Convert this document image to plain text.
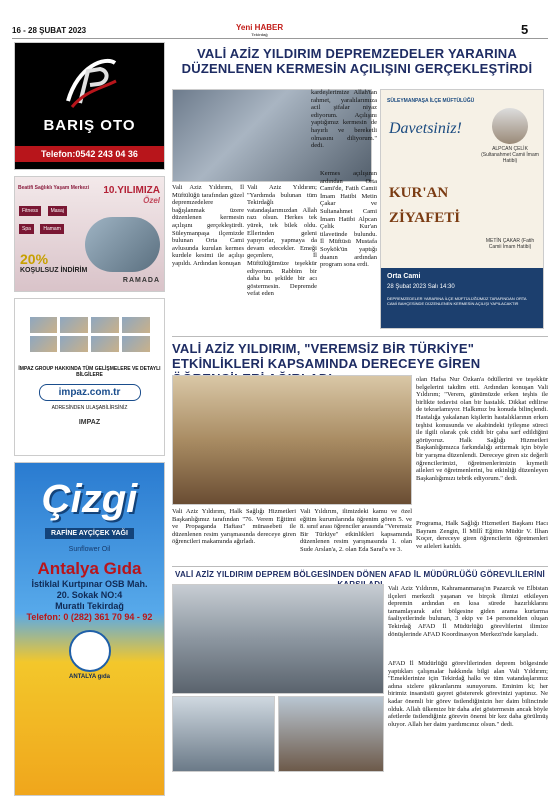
16 - 28 ŞUBAT 2023	Yeni HABER
Tekirdağ	5
BARIŞ OTO
Telefon:0542 243 04 36
Beatifi Sağlıklı Yaşam Merkezi
Fitness Masaj Spa Hamam
10.YILIMIZA
Özel
20%
KOŞULSUZ İNDİRİM
RAMADA
İMPAZ GROUP HAKKINDA TÜM GELİŞMELERE VE DETAYLI BİLGİLERE
impaz.com.tr
ADRESİNDEN ULAŞABİLİRSİNİZ
IMPAZ
Çizgi
RAFİNE AYÇİÇEK YAĞI
Sunflower Oil
Antalya Gıda
İstiklal Kurtpınar OSB Mah.
20. Sokak NO:4
Muratlı Tekirdağ
Telefon: 0 (282) 361 70 94 - 92
ANTALYA gıda
VALİ AZİZ YILDIRIM DEPREMZEDELER YARARINA DÜZENLENEN KERMESİN AÇILIŞINI GERÇEKLEŞTİRDİ
kardeşlerimize Allah'tan rahmet, yaralılarımıza acil şifalar niyaz ediyorum. Açılışını yaptığımız kermesin de hayırlı ve bereketli olmasını diliyorum." dedi.
Vali Aziz Yıldırım, İl Müftülüğü tarafından güzel depremzedelere bağışlanmak üzere düzenlenen kermesin açılışını gerçekleştirdi. Süleymanpaşa ilçemizde bulunan Orta Cami avlusunda kurulan kermes kurdele kesimi ile açılışı yapıldı. Ardından konuşan
Vali Aziz Yıldırım; "Yardımda bulunan tüm Tekirdağlı vatandaşlarımızdan Allah razı olsun. Herkes tek yürek, tek bilek oldu. Ellerinden geleni yapıyorlar, yapmaya da devam edecekler. Emeği geçenlere, İl Müftülüğümüze teşekkür ediyorum. Rabbim bir daha bu şekilde bir acı göstermesin. Depremde vefat eden
Kermes açılışının ardından Orta Cami'de, Fatih Camii İmam Hatibi Metin Çakar ve Sultanahmet Cami İmam Hatibi Alpcan Çelik Kur'an tilavetinde bulundu. İl Müftüsü Mustafa Soykök'ün yaptığı duanın ardından program sona erdi.
SÜLEYMANPAŞA İLÇE MÜFTÜLÜĞÜ
Davetsiniz!
KUR'AN
ZİYAFETİ
ALPCAN ÇELİK (Sultanahmet Camii İmam Hatibi)
METİN ÇAKAR (Fatih Camii İmam Hatibi)
Orta Cami
28 Şubat 2023 Salı 14:30
DEPREMZEDELER YARARINA İLÇE MÜFTÜLÜĞÜMÜZ TARAFINDAN ORTA CAMİ BAHÇESİNDE DÜZENLENEN KERMESİN AÇILIŞI YAPILACAKTIR
VALİ AZİZ YILDIRIM, "VEREMSİZ BİR TÜRKİYE" ETKİNLİKLERİ KAPSAMINDA DERECEYE GİREN
Vali Aziz Yıldırım, Halk Sağlığı Hizmetleri Başkanlığımız tarafından "76. Verem Eğitimi ve Propaganda Haftası" münasebeti ile düzenlenen resim yarışmasında dereceye giren öğrencileri makamında ağırladı.
Vali Yıldırım, ilimizdeki kamu ve özel eğitim kurumlarında öğrenim gören 5. ve 8. sınıf arası öğrenciler arasında "Veremsiz Bir Türkiye" etkinlikleri kapsamında düzenlenen resim yarışmasında 1. olan Sude Arslan'a, 2. olan Eda Saraf'a ve 3.
olan Hafsa Nur Özkan'a ödüllerini ve teşekkür belgelerini takdim etti. Ardından konuşan Vali Yıldırım; "Verem, günümüzde erken teşhis ile birlikte tedavisi olan bir hastalık. Dikkat edilirse de tekrarlamıyor. Halkımız bu konuda bilinçlendi. Hastalığa yakalanan kişilerin hastalıklarının erken teşhisi konusunda ve akabindeki iyileşme süreci ile ilgili olarak çok ciddi bir çaba sarf edildiğini görüyoruz. Halk Sağlığı Hizmetleri Başkanlığımızca farkındalığı arttırmak için böyle bir yarışma düzenlendi. Dereceye giren siz değerli öğrencilerimizi, öğretmenlerimizin kıymetli aileleri ve öğretmenlerini, bu etkinliği düzenleyen Başkanlığımızı tebrik ediyorum." dedi.
Programa, Halk Sağlığı Hizmetleri Başkanı Hacı Bayram Zengin, İl Millî Eğitim Müdür V. İlhan Koçer, dereceye giren öğrencilerin öğretmenleri ve aileleri katıldı.
VALİ AZİZ YILDIRIM DEPREM BÖLGESİNDEN DÖNEN AFAD İL MÜDÜRLÜĞÜ GÖREVLİLERİNİ
Vali Aziz Yıldırım, Kahramanmaraş'ın Pazarcık ve Elbistan ilçeleri merkezli yaşanan ve birçok ilimizi etkileyen depremin ardından en kısa sürede hazırlıklarını tamamlayarak afet bölgesine giden arama kurtarma faaliyetlerinde bulunan, 3 ekip ve 14 personelden oluşan Tekirdağ AFAD İl Müdürlüğü görevlilerini ilimize dönüşlerinde AFAD Koordinasyon Merkezi'nde karşıladı.
AFAD İl Müdürlüğü görevlilerinden deprem bölgesinde yaptıkları çalışmalar hakkında bilgi alan Vali Yıldırım; "Emeklerinize için Tekirdağ halkı ve tüm vatandaşlarımız adına sizlere şükranlarımı sunuyorum. Eminim ki; her birimiz insanüstü gayret göstererek görevinizi yaptınız. Ne kadar önemli bir görev üstlendiğinizin her daim bilincinde olduk. Allah ülkemize bir daha afet göstermesin ancak böyle afetlerde üstlendiğiniz görevin önemi bir kez daha görülmüş oluyor. Allah her daim yardımcınız olsun." dedi.
